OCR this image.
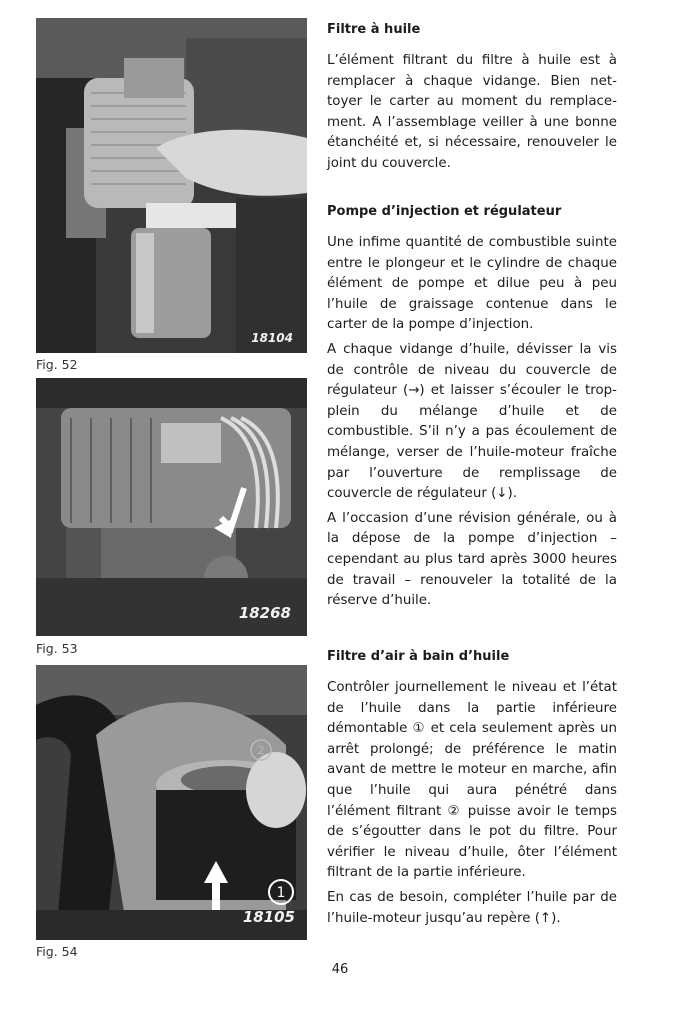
18104
Fig. 52
18268
Fig. 53
1
2
18105
Fig. 54
Filtre à huile

L’élément filtrant du filtre à huile est à remplacer à chaque vidange. Bien nettoyer le carter au moment du remplacement. A l’assemblage veiller à une bonne étanchéité et, si nécessaire, renouveler le joint du couvercle.

Pompe d’injection et régulateur

Une infime quantité de combustible suinte entre le plongeur et le cylindre de chaque élément de pompe et dilue peu à peu l’huile de graissage contenue dans le carter de la pompe d’injection.

A chaque vidange d’huile, dévisser la vis de contrôle de niveau du couvercle de régulateur (→) et laisser s’écouler le trop-plein du mélange d’huile et de combustible. S’il n’y a pas écoulement de mélange, verser de l’huile-moteur fraîche par l’ouverture de remplissage de couvercle de régulateur (↓).

A l’occasion d’une révision générale, ou à la dépose de la pompe d’injection – cependant au plus tard après 3000 heures de travail – renouveler la totalité de la réserve d’huile.

Filtre d’air à bain d’huile

Contrôler journellement le niveau et l’état de l’huile dans la partie inférieure démontable ① et cela seulement après un arrêt prolongé; de préférence le matin avant de mettre le moteur en marche, afin que l’huile qui aura pénétré dans l’élément filtrant ② puisse avoir le temps de s’égoutter dans le pot du filtre. Pour vérifier le niveau d’huile, ôter l’élément filtrant de la partie inférieure.

En cas de besoin, compléter l’huile par de l’huile-moteur jusqu’au repère (↑).

46
